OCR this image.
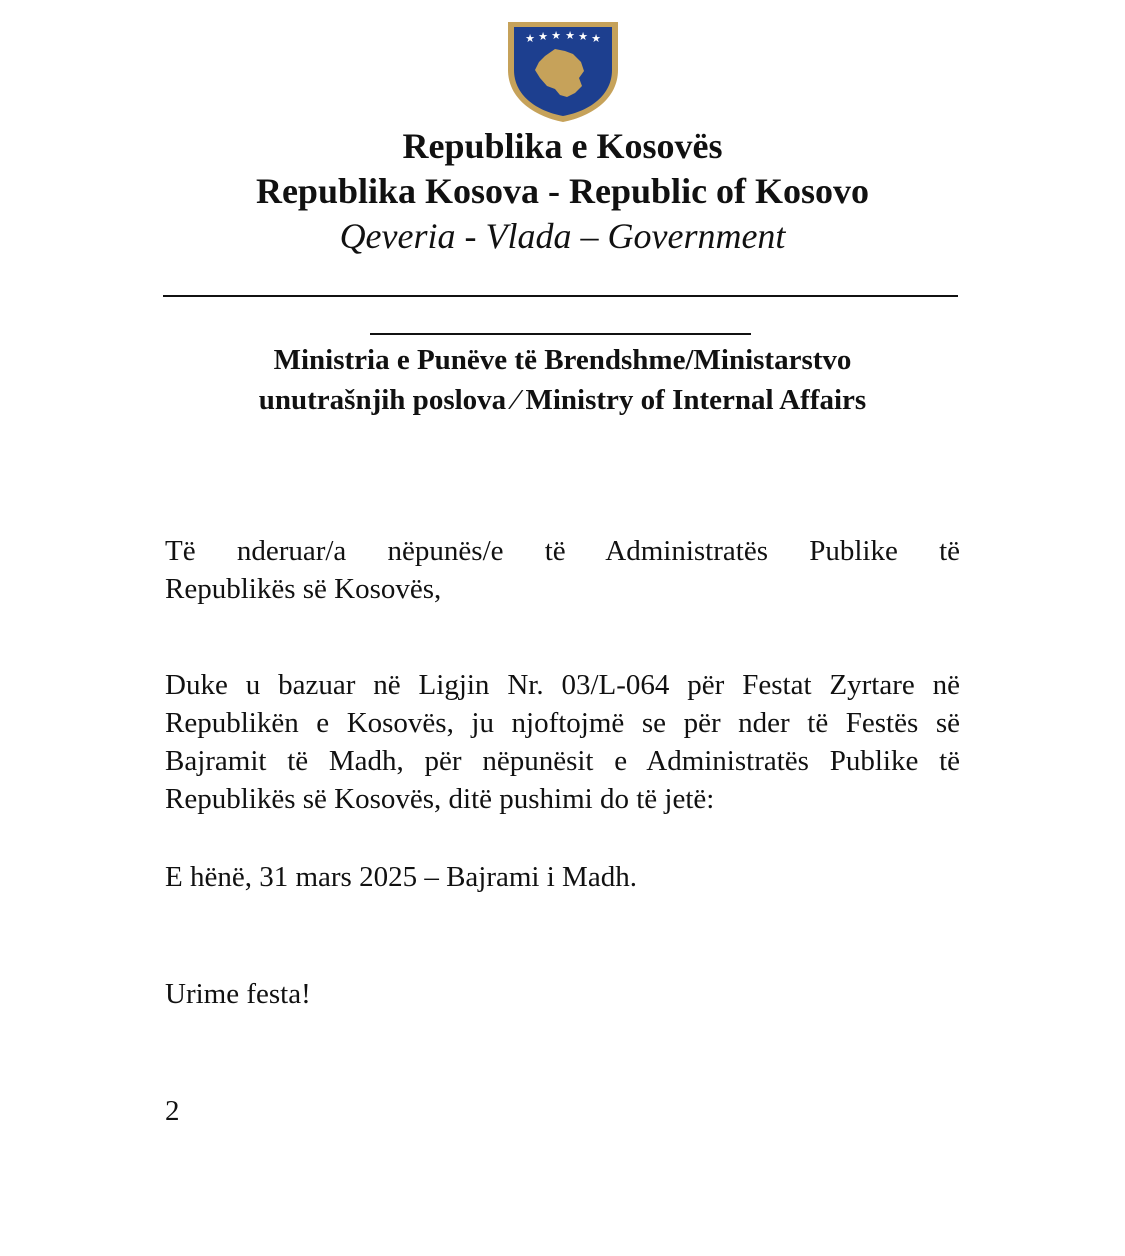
★ ★ ★ ★ ★ ★
Republika e Kosovës
Republika Kosova - Republic of Kosovo
Qeveria - Vlada – Government
Ministria e Punëve të Brendshme/Ministarstvo
unutrašnjih poslova ⁄ Ministry of Internal Affairs
Të nderuar/a nëpunës/e të Administratës Publike të
Republikës së Kosovës,
Duke u bazuar në Ligjin Nr. 03/L-064 për Festat Zyrtare në
Republikën e Kosovës, ju njoftojmë se për nder të Festës së
Bajramit të Madh, për nëpunësit e Administratës Publike të
Republikës së Kosovës, ditë pushimi do të jetë:
E hënë, 31 mars 2025 – Bajrami i Madh.
Urime festa!
2
